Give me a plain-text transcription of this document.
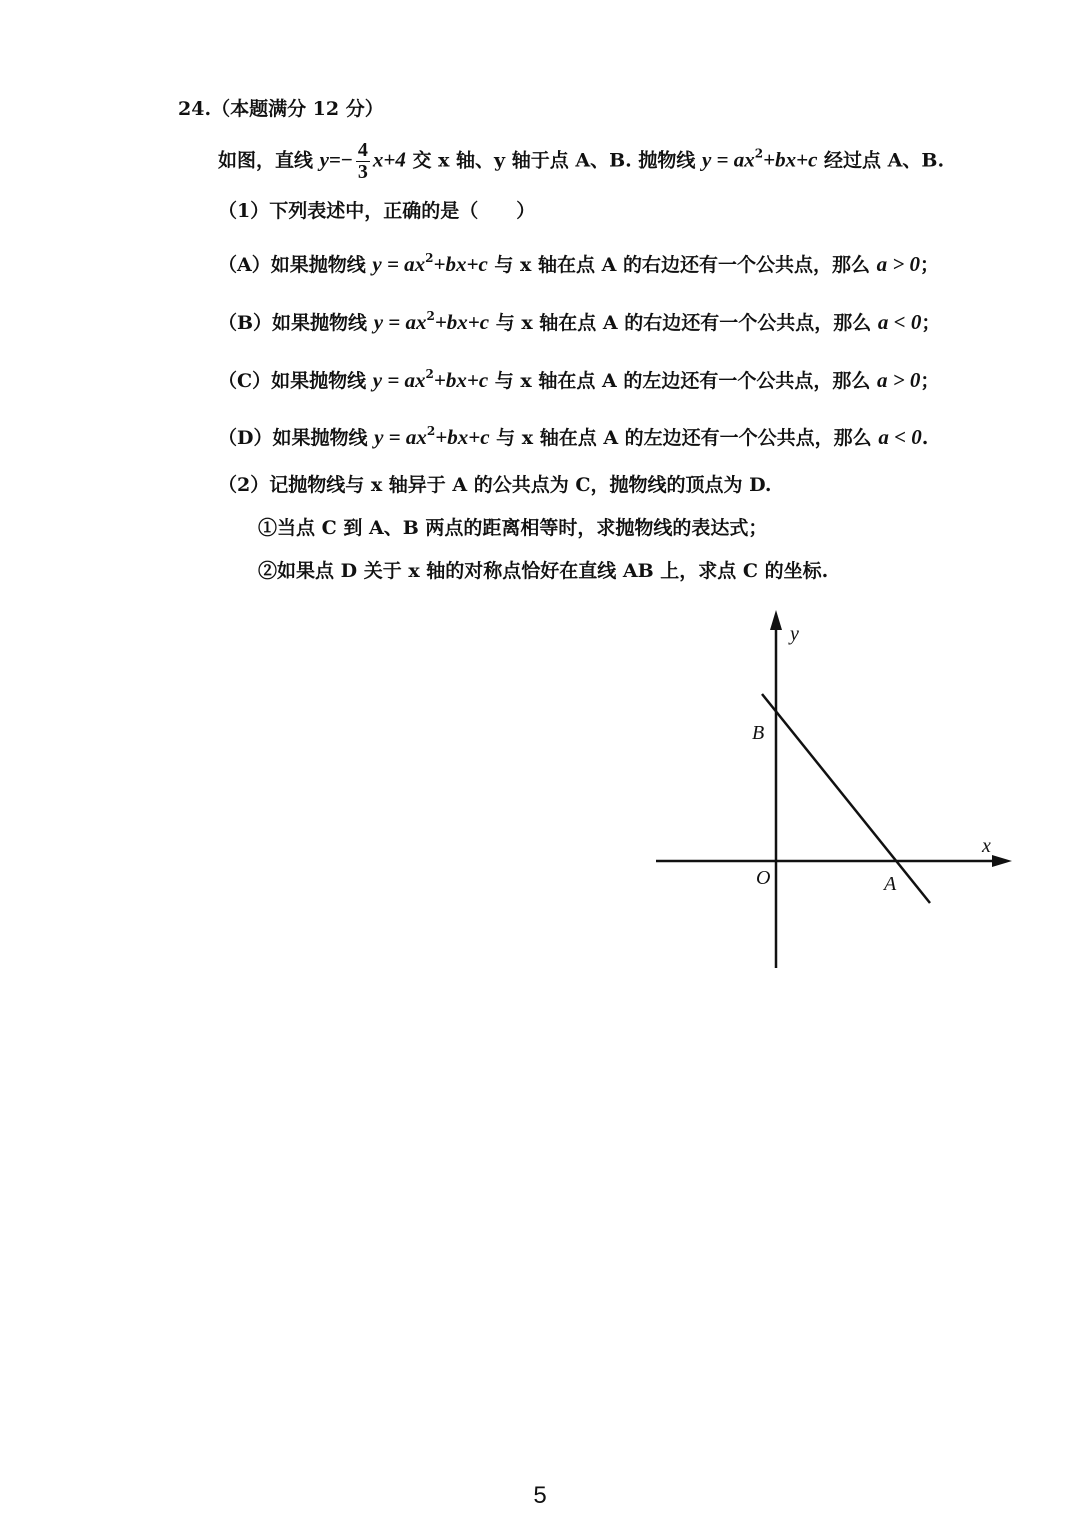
24.（本题满分 12 分）
如图，直线 $y=- \frac{4}{3} x+4$ 交 x 轴、y 轴于点 A、B. 抛物线 $y = ax^2+bx+c$ 经过点 A、B.
（1）下列表述中，正确的是（　　）
（A）如果抛物线 $y = ax^2+bx+c$ 与 x 轴在点 A 的右边还有一个公共点，那么 a > 0；
（B）如果抛物线 $y = ax^2+bx+c$ 与 x 轴在点 A 的右边还有一个公共点，那么 a < 0；
（C）如果抛物线 $y = ax^2+bx+c$ 与 x 轴在点 A 的左边还有一个公共点，那么 a > 0；
（D）如果抛物线 $y = ax^2+bx+c$ 与 x 轴在点 A 的左边还有一个公共点，那么 a < 0.
（2）记抛物线与 x 轴异于 A 的公共点为 C，抛物线的顶点为 D.
①当点 C 到 A、B 两点的距离相等时，求抛物线的表达式；
②如果点 D 关于 x 轴的对称点恰好在直线 AB 上，求点 C 的坐标.
y
x
B
O	A
5
